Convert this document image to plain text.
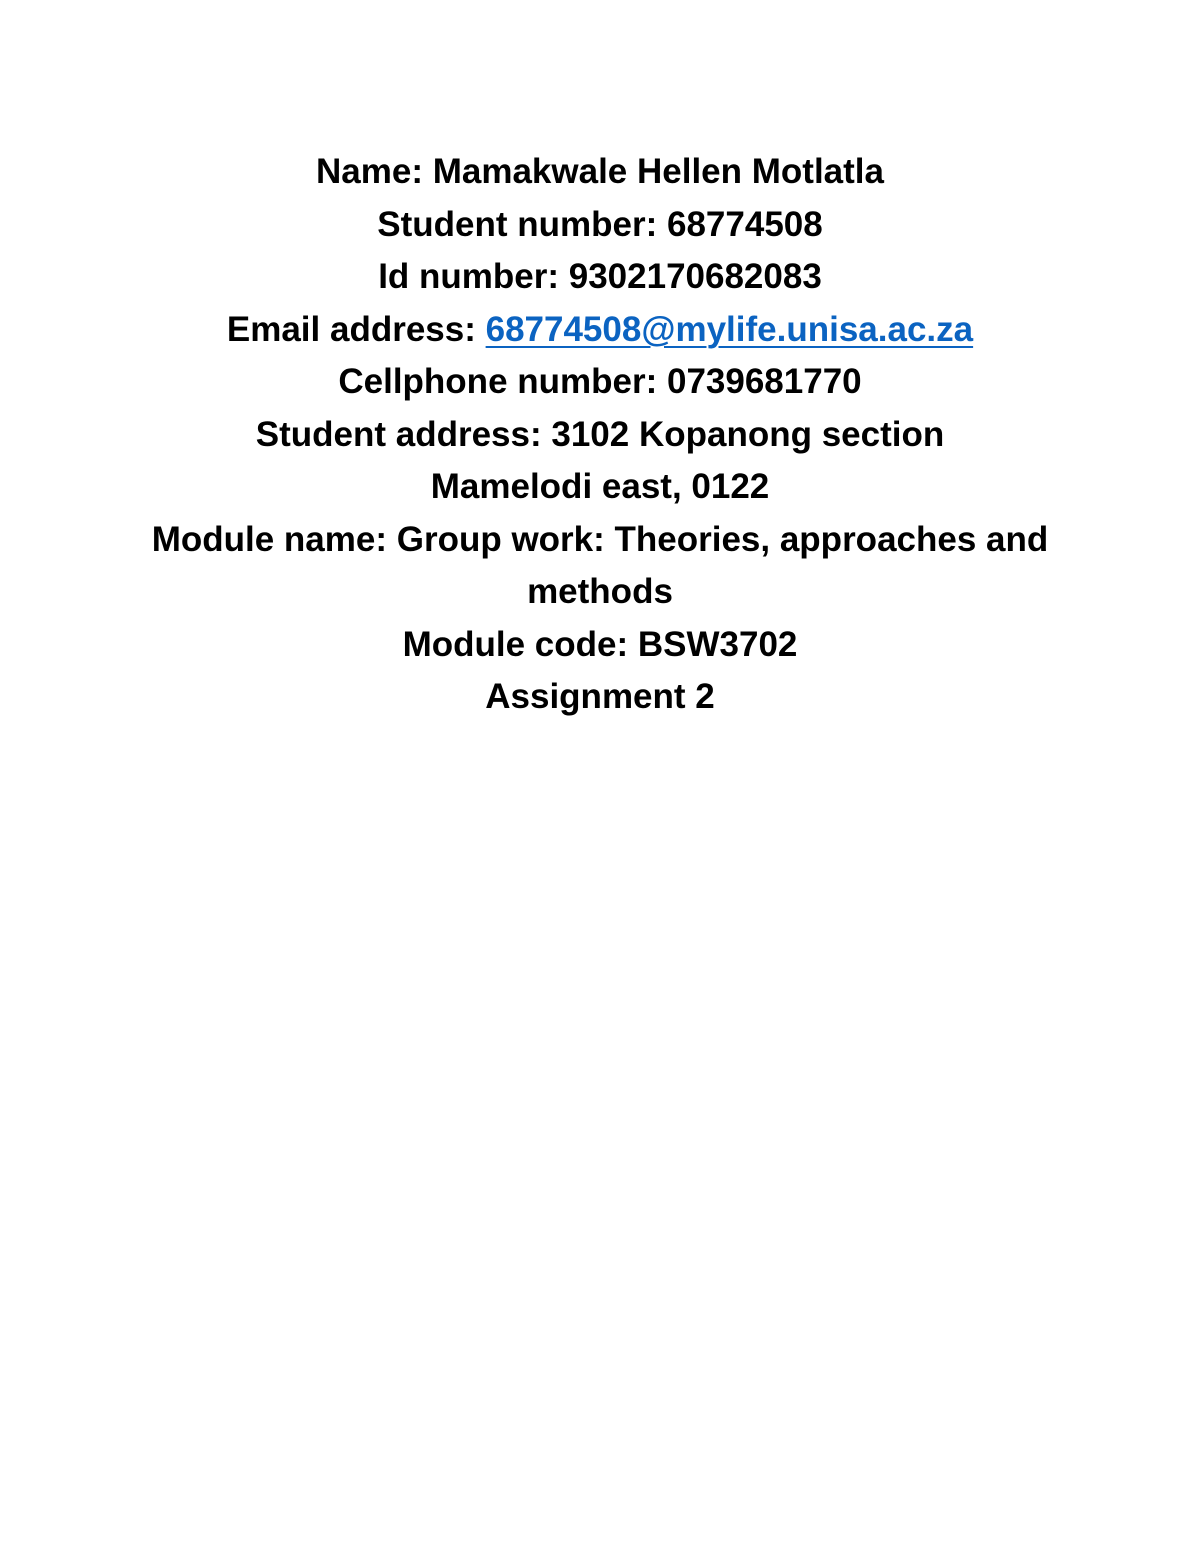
Name: Mamakwale Hellen Motlatla
Student number: 68774508
Id number: 9302170682083
Email address: 68774508@mylife.unisa.ac.za
Cellphone number: 0739681770
Student address: 3102 Kopanong section
Mamelodi east, 0122
Module name: Group work: Theories, approaches and methods
Module code: BSW3702
Assignment 2
